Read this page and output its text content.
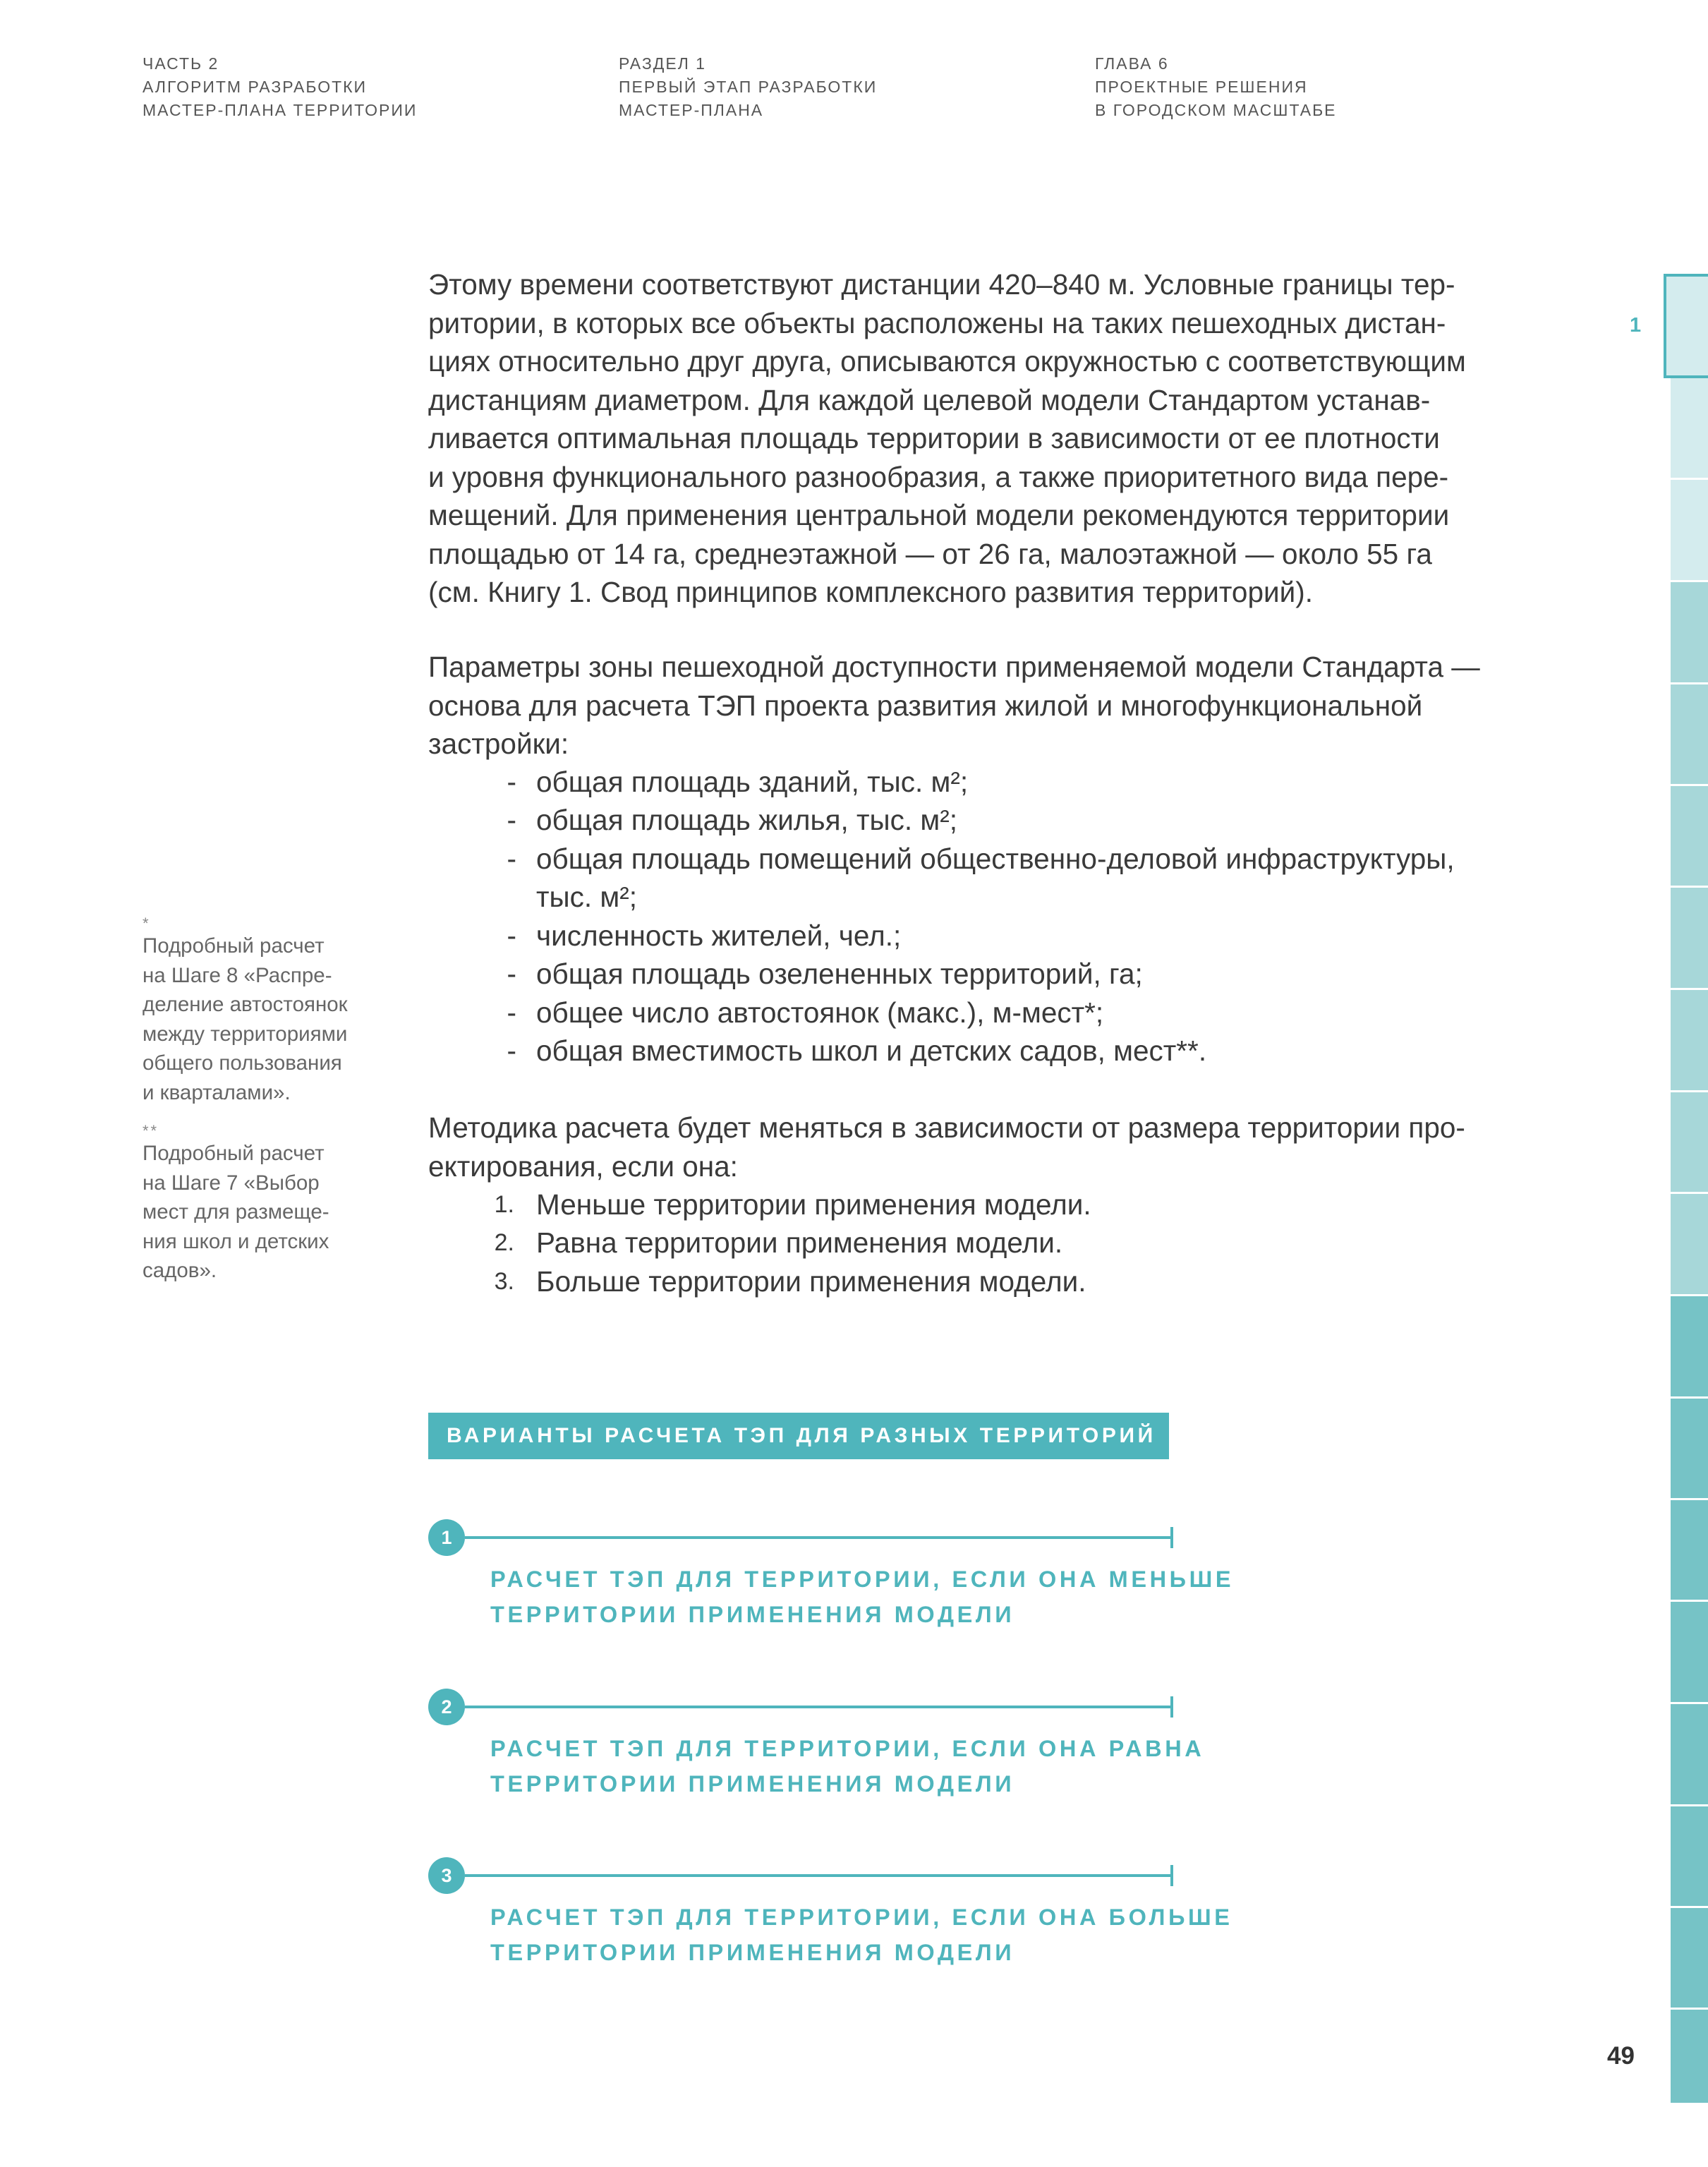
ЧАСТЬ 2
АЛГОРИТМ РАЗРАБОТКИ
МАСТЕР-ПЛАНА ТЕРРИТОРИИ
РАЗДЕЛ 1
ПЕРВЫЙ ЭТАП РАЗРАБОТКИ
МАСТЕР-ПЛАНА
ГЛАВА 6
ПРОЕКТНЫЕ РЕШЕНИЯ
В ГОРОДСКОМ МАСШТАБЕ

Этому времени соответствуют дистанции 420–840 м. Условные границы тер-

ритории, в которых все объекты расположены на таких пешеходных дистан-

циях относительно друг друга, описываются окружностью с соответствующим

дистанциям диаметром. Для каждой целевой модели Стандартом устанав-

ливается оптимальная площадь территории в зависимости от ее плотности

и уровня функционального разнообразия, а также приоритетного вида пере-

мещений. Для применения центральной модели рекомендуются территории

площадью от 14 га, среднеэтажной — от 26 га, малоэтажной — около 55 га

(см. Книгу 1. Свод принципов комплексного развития территорий).

Параметры зоны пешеходной доступности применяемой модели Стандарта —

основа для расчета ТЭП проекта развития жилой и многофункциональной

застройки:

- общая площадь зданий, тыс. м²;
- общая площадь жилья, тыс. м²;
- общая площадь помещений общественно-деловой инфраструктуры,
тыс. м²;
- численность жителей, чел.;
- общая площадь озелененных территорий, га;
- общее число автостоянок (макс.), м-мест*;
- общая вместимость школ и детских садов, мест**.

Методика расчета будет меняться в зависимости от размера территории про-

ектирования, если она:

1. Меньше территории применения модели.
2. Равна территории применения модели.
3. Больше территории применения модели.
*
Подробный расчет
на Шаге 8 «Распре-
деление автостоянок
между территориями
общего пользования
и кварталами».
**
Подробный расчет
на Шаге 7 «Выбор
мест для размеще-
ния школ и детских
садов».
ВАРИАНТЫ РАСЧЕТА ТЭП ДЛЯ РАЗНЫХ ТЕРРИТОРИЙ
1
РАСЧЕТ ТЭП ДЛЯ ТЕРРИТОРИИ, ЕСЛИ ОНА МЕНЬШЕ
ТЕРРИТОРИИ ПРИМЕНЕНИЯ МОДЕЛИ
2
РАСЧЕТ ТЭП ДЛЯ ТЕРРИТОРИИ, ЕСЛИ ОНА РАВНА
ТЕРРИТОРИИ ПРИМЕНЕНИЯ МОДЕЛИ
3
РАСЧЕТ ТЭП ДЛЯ ТЕРРИТОРИИ, ЕСЛИ ОНА БОЛЬШЕ
ТЕРРИТОРИИ ПРИМЕНЕНИЯ МОДЕЛИ
1
49
